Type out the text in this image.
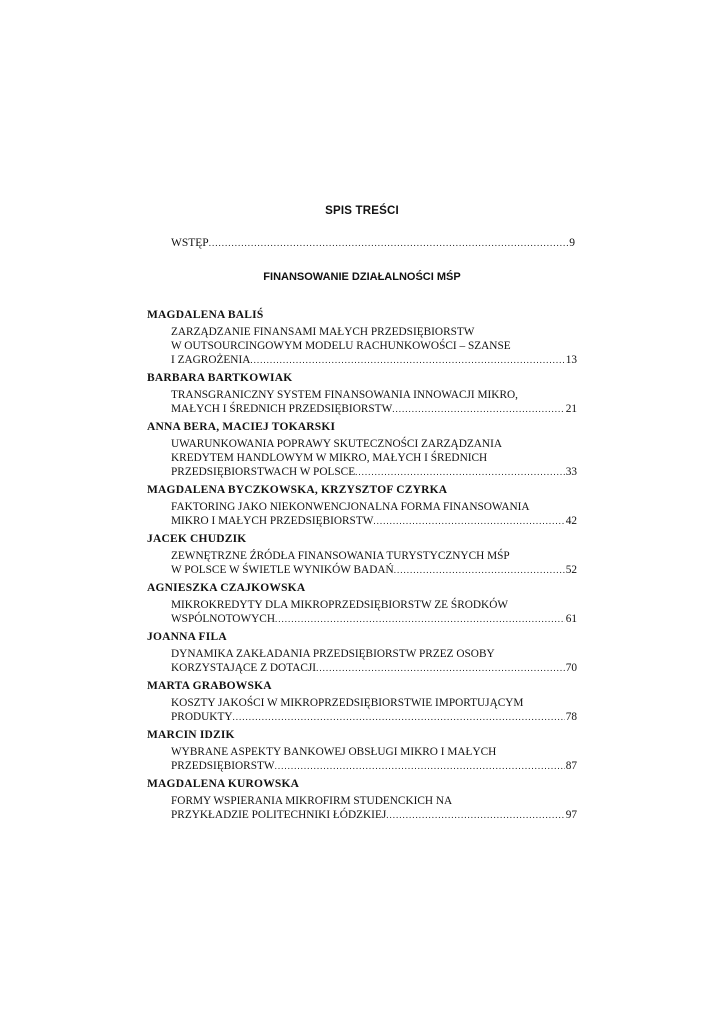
SPIS TREŚCI
WSTĘP .....	9
FINANSOWANIE DZIAŁALNOŚCI MŚP
MAGDALENA BALIŚ
ZARZĄDZANIE FINANSAMI MAŁYCH PRZEDSIĘBIORSTW
W OUTSOURCINGOWYM MODELU RACHUNKOWOŚCI – SZANSE
I ZAGROŻENIA .....	13
BARBARA BARTKOWIAK
TRANSGRANICZNY SYSTEM FINANSOWANIA INNOWACJI MIKRO,
MAŁYCH I ŚREDNICH PRZEDSIĘBIORSTW .....	21
ANNA BERA, MACIEJ TOKARSKI
UWARUNKOWANIA POPRAWY SKUTECZNOŚCI ZARZĄDZANIA
KREDYTEM HANDLOWYM W MIKRO, MAŁYCH I ŚREDNICH
PRZEDSIĘBIORSTWACH W POLSCE .....	33
MAGDALENA BYCZKOWSKA, KRZYSZTOF CZYRKA
FAKTORING JAKO NIEKONWENCJONALNA FORMA FINANSOWANIA
MIKRO I MAŁYCH PRZEDSIĘBIORSTW .....	42
JACEK CHUDZIK
ZEWNĘTRZNE ŹRÓDŁA FINANSOWANIA TURYSTYCZNYCH MŚP
W POLSCE W ŚWIETLE WYNIKÓW BADAŃ .....	52
AGNIESZKA CZAJKOWSKA
MIKROKREDYTY DLA MIKROPRZEDSIĘBIORSTW ZE ŚRODKÓW
WSPÓLNOTOWYCH .....	61
JOANNA FILA
DYNAMIKA ZAKŁADANIA PRZEDSIĘBIORSTW PRZEZ OSOBY
KORZYSTAJĄCE Z DOTACJI .....	70
MARTA GRABOWSKA
KOSZTY JAKOŚCI W MIKROPRZEDSIĘBIORSTWIE IMPORTUJĄCYM
PRODUKTY .....	78
MARCIN IDZIK
WYBRANE ASPEKTY BANKOWEJ OBSŁUGI MIKRO I MAŁYCH
PRZEDSIĘBIORSTW .....	87
MAGDALENA KUROWSKA
FORMY WSPIERANIA MIKROFIRM STUDENCKICH NA
PRZYKŁADZIE POLITECHNIKI ŁÓDZKIEJ .....	97
